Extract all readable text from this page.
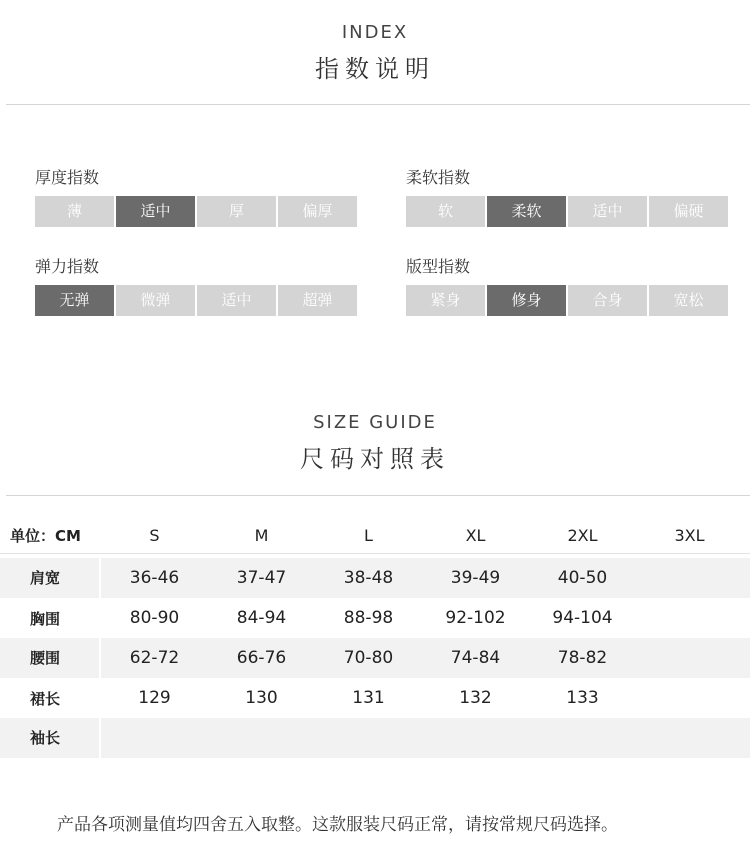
INDEX
指数说明
厚度指数
薄	适中	厚	偏厚
柔软指数
软	柔软	适中	偏硬
弹力指数
无弹	微弹	适中	超弹
版型指数
紧身	修身	合身	宽松
SIZE GUIDE
尺码对照表
单位：CM	S	M	L	XL	2XL	3XL
肩宽	36-46	37-47	38-48	39-49	40-50
胸围	80-90	84-94	88-98	92-102	94-104
腰围	62-72	66-76	70-80	74-84	78-82
裙长	129	130	131	132	133
袖长
产品各项测量值均四舍五入取整。这款服装尺码正常，请按常规尺码选择。
